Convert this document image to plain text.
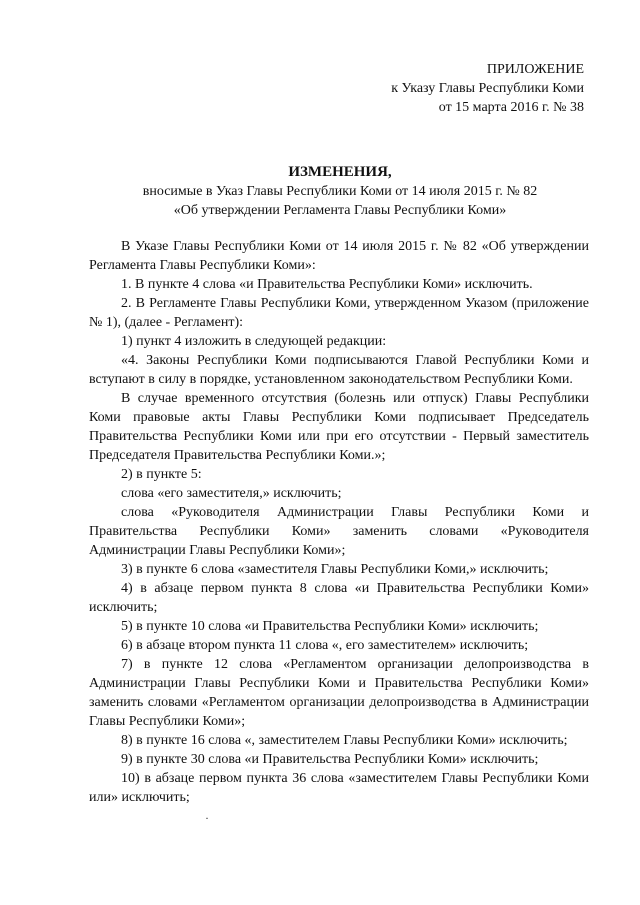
ПРИЛОЖЕНИЕ
к Указу Главы Республики Коми
от 15 марта 2016 г. № 38
ИЗМЕНЕНИЯ,
вносимые в Указ Главы Республики Коми от 14 июля 2015 г. № 82
«Об утверждении Регламента Главы Республики Коми»

В Указе Главы Республики Коми от 14 июля 2015 г. № 82 «Об утверждении Регламента Главы Республики Коми»:

1. В пункте 4 слова «и Правительства Республики Коми» исключить.

2. В Регламенте Главы Республики Коми, утвержденном Указом (приложение № 1), (далее - Регламент):

1) пункт 4 изложить в следующей редакции:

«4. Законы Республики Коми подписываются Главой Республики Коми и вступают в силу в порядке, установленном законодательством Республики Коми.

В случае временного отсутствия (болезнь или отпуск) Главы Республики Коми правовые акты Главы Республики Коми подписывает Председатель Правительства Республики Коми или при его отсутствии - Первый заместитель Председателя Правительства Республики Коми.»;

2) в пункте 5:

слова «его заместителя,» исключить;

слова «Руководителя Администрации Главы Республики Коми и Правительства Республики Коми» заменить словами «Руководителя Администрации Главы Республики Коми»;

3) в пункте 6 слова «заместителя Главы Республики Коми,» исключить;

4) в абзаце первом пункта 8 слова «и Правительства Республики Коми» исключить;

5) в пункте 10 слова «и Правительства Республики Коми» исключить;

6) в абзаце втором пункта 11 слова «, его заместителем» исключить;

7) в пункте 12 слова «Регламентом организации делопроизводства в Администрации Главы Республики Коми и Правительства Республики Коми» заменить словами «Регламентом организации делопроизводства в Администрации Главы Республики Коми»;

8) в пункте 16 слова «, заместителем Главы Республики Коми» исключить;

9) в пункте 30 слова «и Правительства Республики Коми» исключить;

10) в абзаце первом пункта 36 слова «заместителем Главы Республики Коми или» исключить;

·
